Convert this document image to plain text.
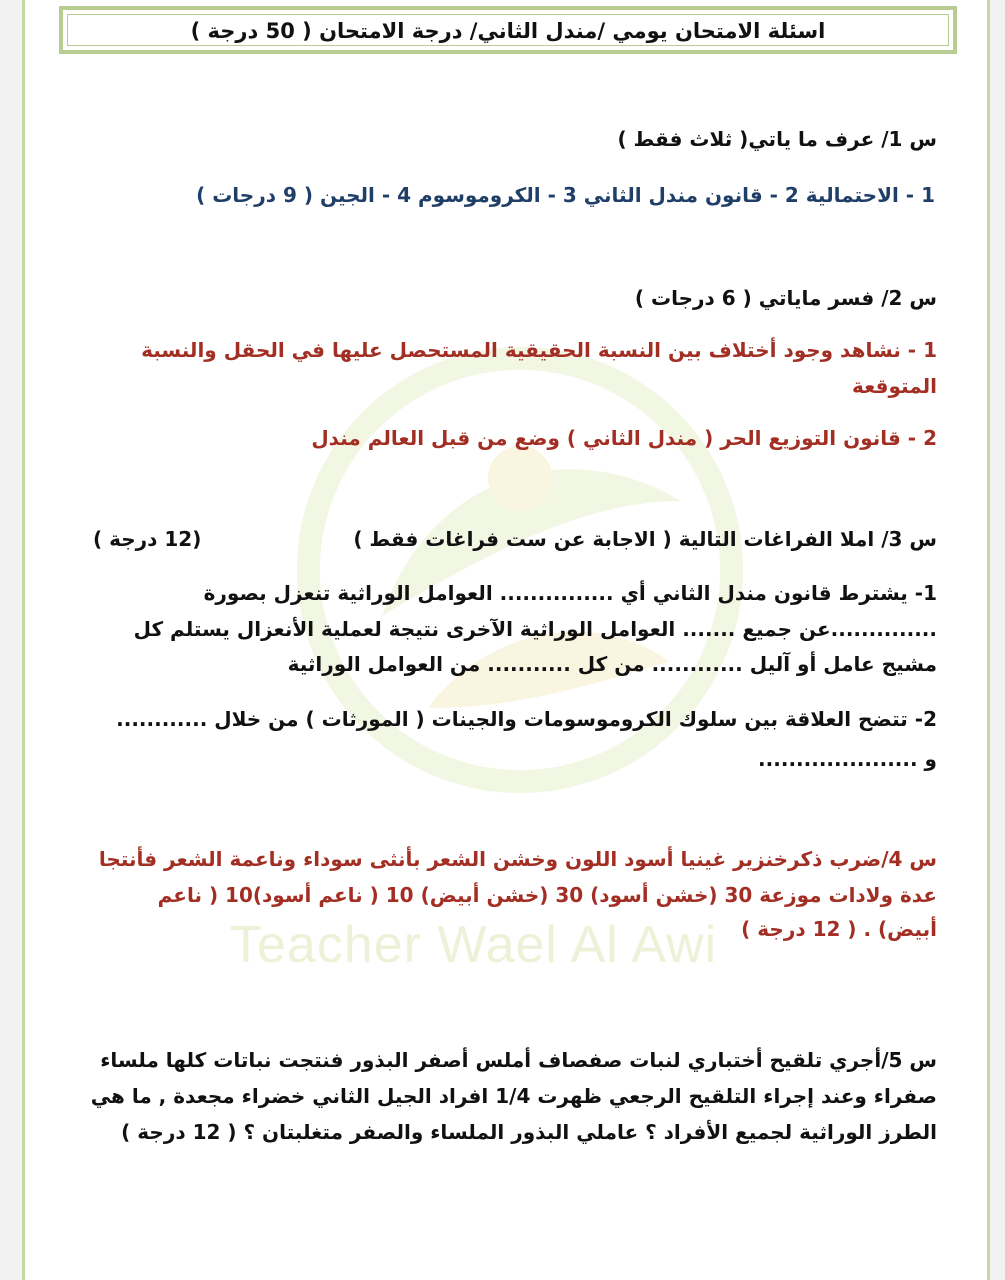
Teacher Wael Al Awi

اسئلة الامتحان يومي /مندل الثاني/ درجة الامتحان ( 50 درجة )

س 1/ عرف ما ياتي( ثلاث فقط )

1 - الاحتمالية 2 - قانون مندل الثاني 3 - الكروموسوم 4 - الجين ( 9 درجات )

س 2/ فسر ماياتي ( 6 درجات )

1 - نشاهد وجود أختلاف بين النسبة الحقيقية المستحصل عليها في الحقل والنسبة

المتوقعة

2 - قانون التوزيع الحر ( مندل الثاني ) وضع من قبل العالم مندل

س 3/ املا الفراغات التالية ( الاجابة عن ست فراغات فقط )

(12 درجة )

1- يشترط قانون مندل الثاني أي ............... العوامل الوراثية تنعزل بصورة

..............عن جميع ....... العوامل الوراثية الآخرى نتيجة لعملية الأنعزال يستلم كل

مشيج عامل أو آليل ............ من كل ........... من العوامل الوراثية

2- تتضح العلاقة بين سلوك الكروموسومات والجينات ( المورثات ) من خلال ............

و .....................

س 4/ضرب ذكرخنزير غينيا أسود اللون وخشن الشعر بأنثى سوداء وناعمة الشعر فأنتجا

عدة ولادات موزعة 30 (خشن أسود) 30 (خشن أبيض) 10 ( ناعم أسود)10 ( ناعم

أبيض) . ( 12 درجة )

س 5/أجري تلقيح أختباري لنبات صفصاف أملس أصفر البذور فنتجت نباتات كلها ملساء

صفراء وعند إجراء التلقيح الرجعي ظهرت 1/4 افراد الجيل الثاني خضراء مجعدة , ما هي

الطرز الوراثية لجميع الأفراد ؟ عاملي البذور الملساء والصفر متغلبتان ؟ ( 12 درجة )
